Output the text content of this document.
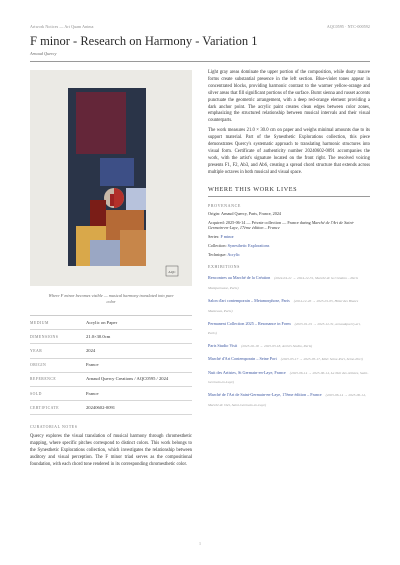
Artwork Notices — Art Quam Anima	AQC0595 · NTC-000592
F minor - Research on Harmony - Variation 1
Arnaud Quercy
AQC
Where F minor becomes visible — musical harmony translated into pure color
MEDIUM	Acrylic on Paper
DIMENSIONS	21.0×30.0cm
YEAR	2024
ORIGIN	France
REFERENCE	Arnaud Quercy Creations / AQC0595 / 2024
SOLD	France
CERTIFICATE	20240602-0091
CURATORIAL NOTES

Quercy explores the visual translation of musical harmony through chromesthetic mapping, where specific pitches correspond to distinct colors. This work belongs to the Synesthetic Explorations collection, which investigates the relationship between auditory and visual perception. The F minor triad serves as the compositional foundation, with each chord tone rendered in its corresponding chromesthetic color.

Light gray areas dominate the upper portion of the composition, while dusty mauve forms create substantial presence in the left section. Blue-violet tones appear in concentrated blocks, providing harmonic contrast to the warmer yellow-orange and silver areas that fill significant portions of the surface. Burnt sienna and russet accents punctuate the geometric arrangement, with a deep red-orange element providing a dark anchor point. The acrylic paint creates clean edges between color zones, emphasizing the structured relationship between musical intervals and their visual counterparts.

The work measures 21.0 × 30.0 cm on paper and weighs minimal amounts due to its support material. Part of the Synesthetic Explorations collection, this piece demonstrates Quercy's systematic approach to translating harmonic structures into visual form. Certificate of authenticity number 20240602-0091 accompanies the work, with the artist's signature located on the front right. The resolved voicing presents F1, F2, Ab3, and Ab6, creating a spread chord structure that extends across multiple octaves in both musical and visual space.

WHERE THIS WORK LIVES
PROVENANCE
Origin: Arnaud Quercy, Paris, France, 2024
Acquired: 2025-06-14 — Private collection — France during Marché de l'Art de Saint-Germain-en-Laye, 17ème édition – France
Series: F minor
Collection: Synesthetic Explorations
Technique: Acrylic
EXHIBITIONS
Rencontres au Marché de la Création (2024-04-21 → 2024-12-31, Marché de la Création – Paris Montparnasse, Paris)
Salon d'art contemporain – Metamorphose, Paris (2024-12-26 → 2025-01-05, Hôtel des Blancs Manteaux, Paris)
Permanent Collection 2025 – Resonance in Form (2025-01-01 → 2025-12-31, arnaudquercy.art, Paris)
Paris Studio Visit (2025-02-18 → 2025-03-18, Artist's Studio, Paris)
Marché d'Art Contemporain – Seine Port (2025-05-17 → 2025-05-17, MAC Seine-Port, Seine-Port)
Nuit des Artistes, St Germain-en-Laye, France (2025-06-14 → 2025-06-14, La Nuit des Artistes, Saint-Germain-en-Laye)
Marché de l'Art de Saint-Germain-en-Laye, 17ème édition – France (2025-06-14 → 2025-06-14, Marché de l'Art, Saint-Germain-en-Laye)
1
